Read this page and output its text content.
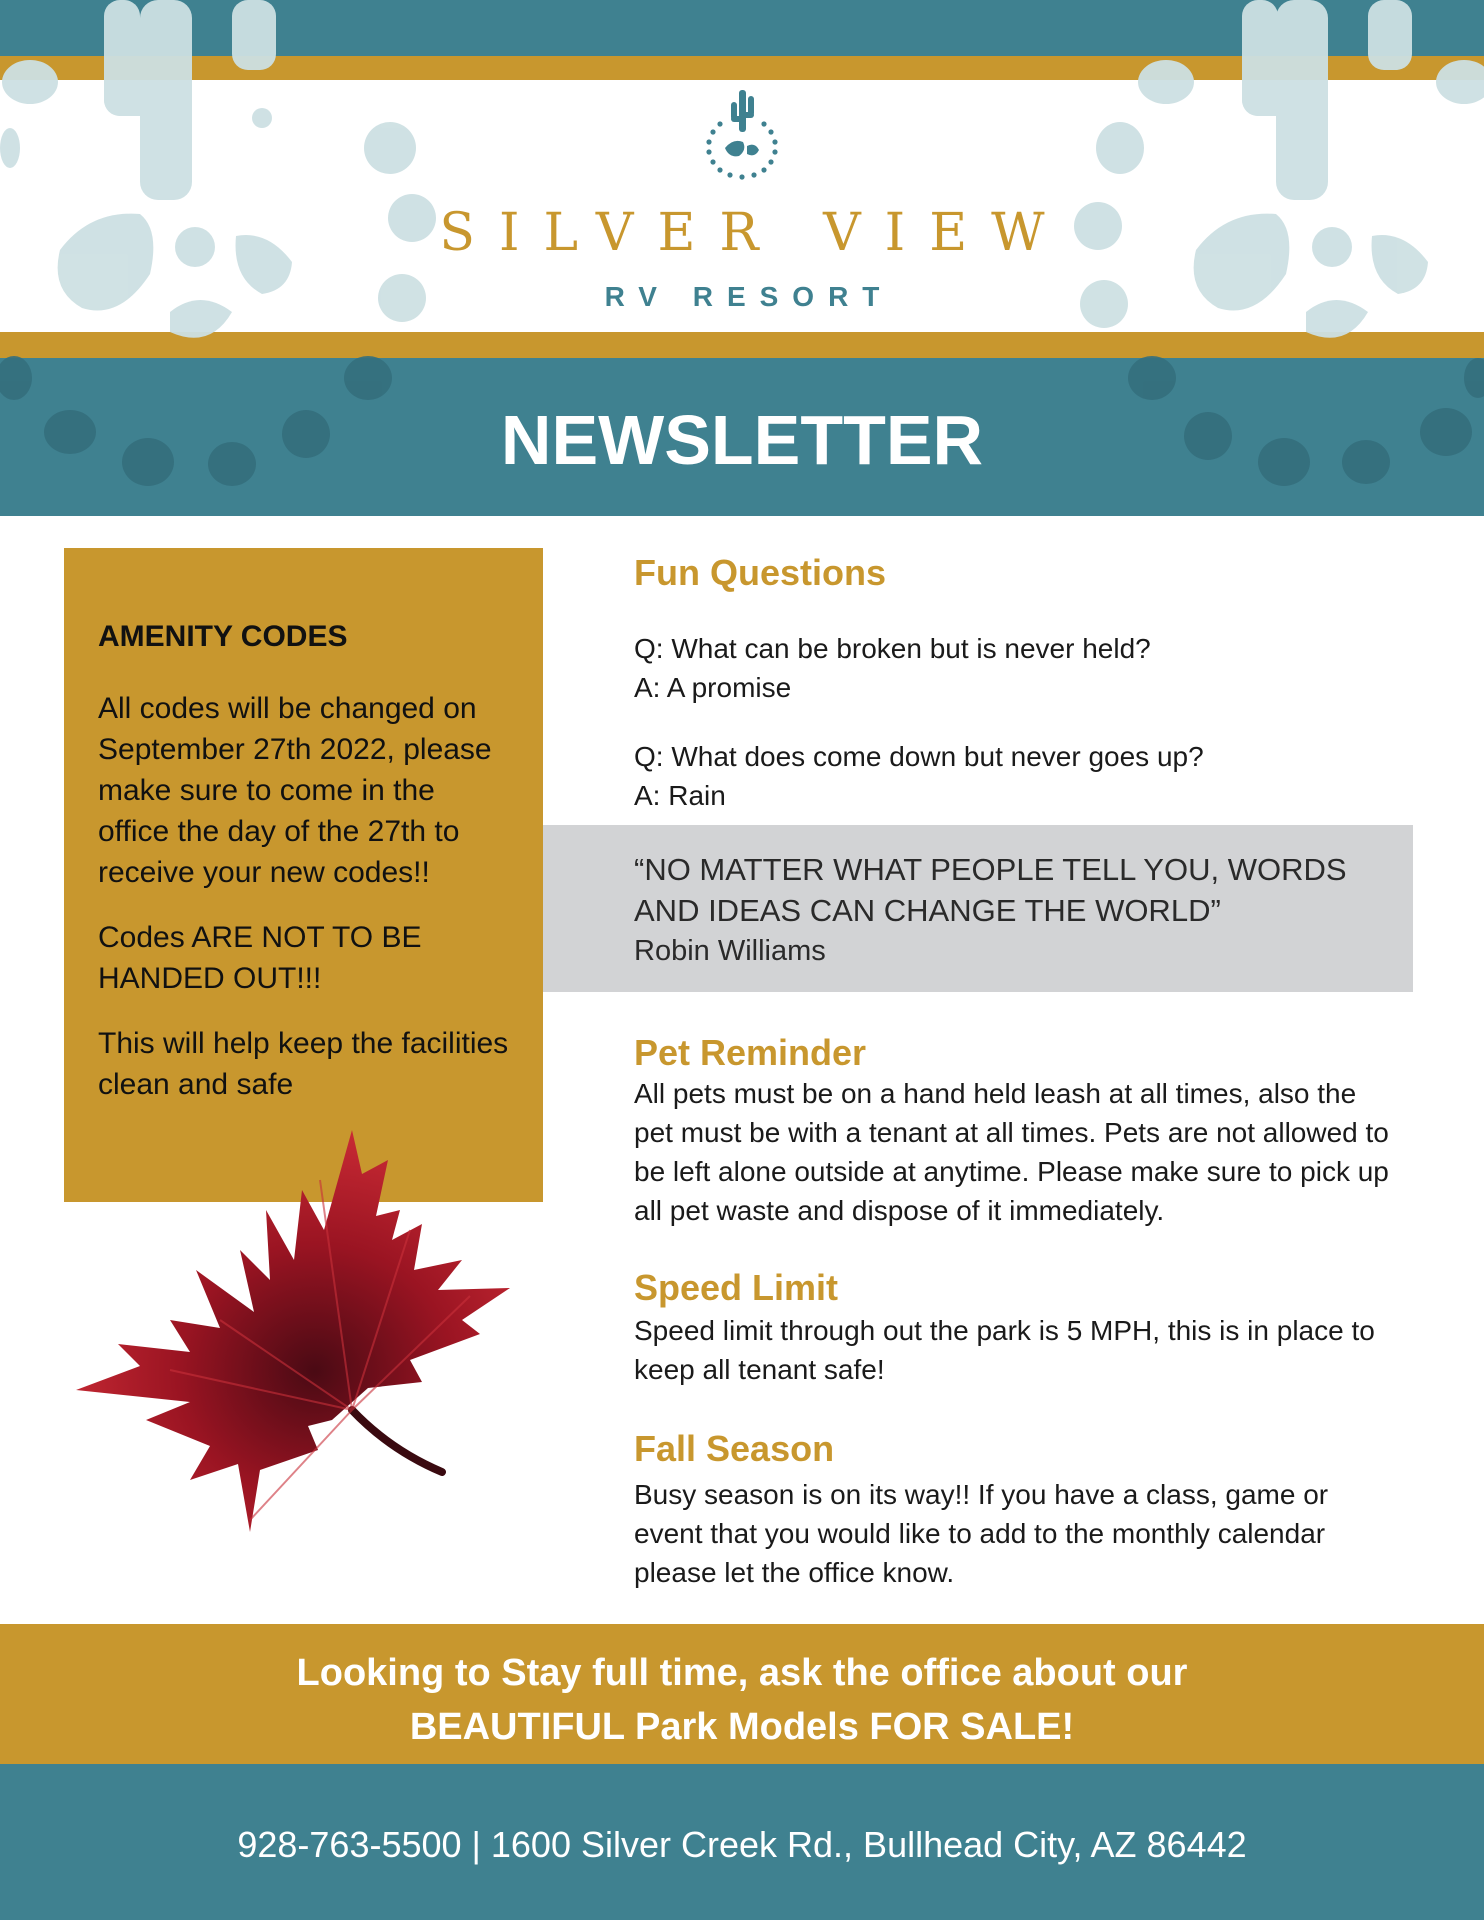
SILVER VIEW
RV RESORT
NEWSLETTER
AMENITY CODES

All codes will be changed on September 27th 2022, please make sure to come in the office the day of the 27th to receive your new codes!!

Codes ARE NOT TO BE HANDED OUT!!!

This will help keep the facilities clean and safe

Fun Questions
Q: What can be broken but is never held?
A: A promise
Q: What does come down but never goes up?
A: Rain
“NO MATTER WHAT PEOPLE TELL YOU, WORDS
AND IDEAS CAN CHANGE THE WORLD”
Robin Williams
Pet Reminder
All pets must be on a hand held leash at all times, also the pet must be with a tenant at all times. Pets are not allowed to be left alone outside at anytime. Please make sure to pick up all pet waste and dispose of it immediately.
Speed Limit
Speed limit through out the park is 5 MPH, this is in place to keep all tenant safe!
Fall Season
Busy season is on its way!! If you have a class, game or event that you would like to add to the monthly calendar please let the office know.
Looking to Stay full time, ask the office about our
BEAUTIFUL Park Models FOR SALE!
928-763-5500 | 1600 Silver Creek Rd., Bullhead City, AZ 86442
